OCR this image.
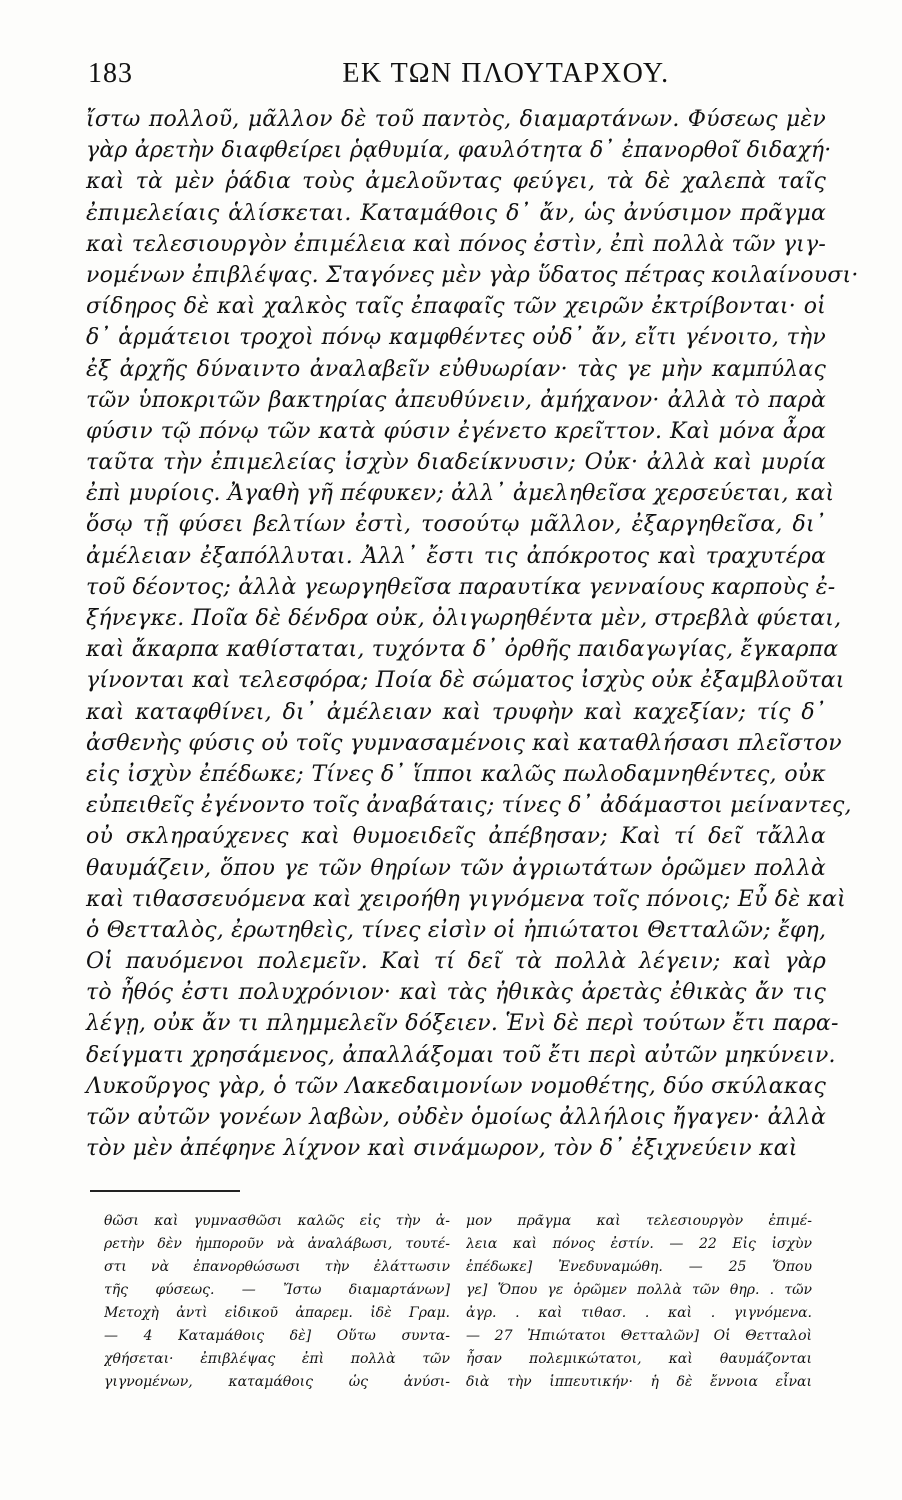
183	ΕΚ ΤΩΝ ΠΛΟΥΤΑΡΧΟΥ.
ἴστω πολλοῦ, μᾶλλον δὲ τοῦ παντὸς, διαμαρτάνων. Φύσεως μὲν
γὰρ ἀρετὴν διαφθείρει ῥᾳθυμία, φαυλότητα δ᾽ ἐπανορθοῖ διδαχή·
καὶ τὰ μὲν ῥάδια τοὺς ἀμελοῦντας φεύγει, τὰ δὲ χαλεπὰ ταῖς
ἐπιμελείαις ἁλίσκεται. Καταμάθοις δ᾽ ἄν, ὡς ἀνύσιμον πρᾶγμα
καὶ τελεσιουργὸν ἐπιμέλεια καὶ πόνος ἐστὶν, ἐπὶ πολλὰ τῶν γιγ-
νομένων ἐπιβλέψας. Σταγόνες μὲν γὰρ ὕδατος πέτρας κοιλαίνουσι·
σίδηρος δὲ καὶ χαλκὸς ταῖς ἐπαφαῖς τῶν χειρῶν ἐκτρίβονται· οἱ
δ᾽ ἁρμάτειοι τροχοὶ πόνῳ καμφθέντες οὐδ᾽ ἄν, εἴτι γένοιτο, τὴν
ἐξ ἀρχῆς δύναιντο ἀναλαβεῖν εὐθυωρίαν· τὰς γε μὴν καμπύλας
τῶν ὑποκριτῶν βακτηρίας ἀπευθύνειν, ἀμήχανον· ἀλλὰ τὸ παρὰ
φύσιν τῷ πόνῳ τῶν κατὰ φύσιν ἐγένετο κρεῖττον. Καὶ μόνα ἆρα
ταῦτα τὴν ἐπιμελείας ἰσχὺν διαδείκνυσιν; Οὐκ· ἀλλὰ καὶ μυρία
ἐπὶ μυρίοις. Ἀγαθὴ γῆ πέφυκεν; ἀλλ᾽ ἀμεληθεῖσα χερσεύεται, καὶ
ὅσῳ τῇ φύσει βελτίων ἐστὶ, τοσούτῳ μᾶλλον, ἐξαργηθεῖσα, δι᾽
ἀμέλειαν ἐξαπόλλυται. Ἀλλ᾽ ἔστι τις ἀπόκροτος καὶ τραχυτέρα
τοῦ δέοντος; ἀλλὰ γεωργηθεῖσα παραυτίκα γενναίους καρποὺς ἐ-
ξήνεγκε. Ποῖα δὲ δένδρα οὐκ, ὀλιγωρηθέντα μὲν, στρεβλὰ φύεται,
καὶ ἄκαρπα καθίσταται, τυχόντα δ᾽ ὀρθῆς παιδαγωγίας, ἔγκαρπα
γίνονται καὶ τελεσφόρα; Ποία δὲ σώματος ἰσχὺς οὐκ ἐξαμβλοῦται
καὶ καταφθίνει, δι᾽ ἀμέλειαν καὶ τρυφὴν καὶ καχεξίαν; τίς δ᾽
ἀσθενὴς φύσις οὐ τοῖς γυμνασαμένοις καὶ καταθλήσασι πλεῖστον
εἰς ἰσχὺν ἐπέδωκε; Τίνες δ᾽ ἵπποι καλῶς πωλοδαμνηθέντες, οὐκ
εὐπειθεῖς ἐγένοντο τοῖς ἀναβάταις; τίνες δ᾽ ἀδάμαστοι μείναντες,
οὐ σκληραύχενες καὶ θυμοειδεῖς ἀπέβησαν; Καὶ τί δεῖ τἄλλα
θαυμάζειν, ὅπου γε τῶν θηρίων τῶν ἀγριωτάτων ὁρῶμεν πολλὰ
καὶ τιθασσευόμενα καὶ χειροήθη γιγνόμενα τοῖς πόνοις; Εὖ δὲ καὶ
ὁ Θετταλὸς, ἐρωτηθεὶς, τίνες εἰσὶν οἱ ἠπιώτατοι Θετταλῶν; ἔφη,
Οἱ παυόμενοι πολεμεῖν. Καὶ τί δεῖ τὰ πολλὰ λέγειν; καὶ γὰρ
τὸ ἦθός ἐστι πολυχρόνιον· καὶ τὰς ἠθικὰς ἀρετὰς ἐθικὰς ἄν τις
λέγῃ, οὐκ ἄν τι πλημμελεῖν δόξειεν. Ἑνὶ δὲ περὶ τούτων ἔτι παρα-
δείγματι χρησάμενος, ἀπαλλάξομαι τοῦ ἔτι περὶ αὐτῶν μηκύνειν.
Λυκοῦργος γὰρ, ὁ τῶν Λακεδαιμονίων νομοθέτης, δύο σκύλακας
τῶν αὐτῶν γονέων λαβὼν, οὐδὲν ὁμοίως ἀλλήλοις ἤγαγεν· ἀλλὰ
τὸν μὲν ἀπέφηνε λίχνον καὶ σινάμωρον, τὸν δ᾽ ἐξιχνεύειν καὶ
θῶσι καὶ γυμνασθῶσι καλῶς εἰς τὴν ἀ-
ρετὴν δὲν ἠμποροῦν νὰ ἀναλάβωσι, τουτέ-
στι νὰ ἐπανορθώσωσι τὴν ἐλάττωσιν
τῆς φύσεως. — Ἴστω διαμαρτάνων]
Μετοχὴ ἀντὶ εἰδικοῦ ἀπαρεμ. ἰδὲ Γραμ.
— 4 Καταμάθοις δὲ] Οὕτω συντα-
χθήσεται· ἐπιβλέψας ἐπὶ πολλὰ τῶν
γιγνομένων, καταμάθοις ὡς ἀνύσι-
μον πρᾶγμα καὶ τελεσιουργὸν ἐπιμέ-
λεια καὶ πόνος ἐστίν. — 22 Εἰς ἰσχὺν
ἐπέδωκε] Ἐνεδυναμώθη. — 25 Ὅπου
γε] Ὅπου γε ὁρῶμεν πολλὰ τῶν θηρ. . τῶν
ἀγρ. . καὶ τιθασ. . καὶ . γιγνόμενα.
— 27 Ἠπιώτατοι Θετταλῶν] Οἱ Θετταλοὶ
ἦσαν πολεμικώτατοι, καὶ θαυμάζονται
διὰ τὴν ἱππευτικήν· ἡ δὲ ἔννοια εἶναι
